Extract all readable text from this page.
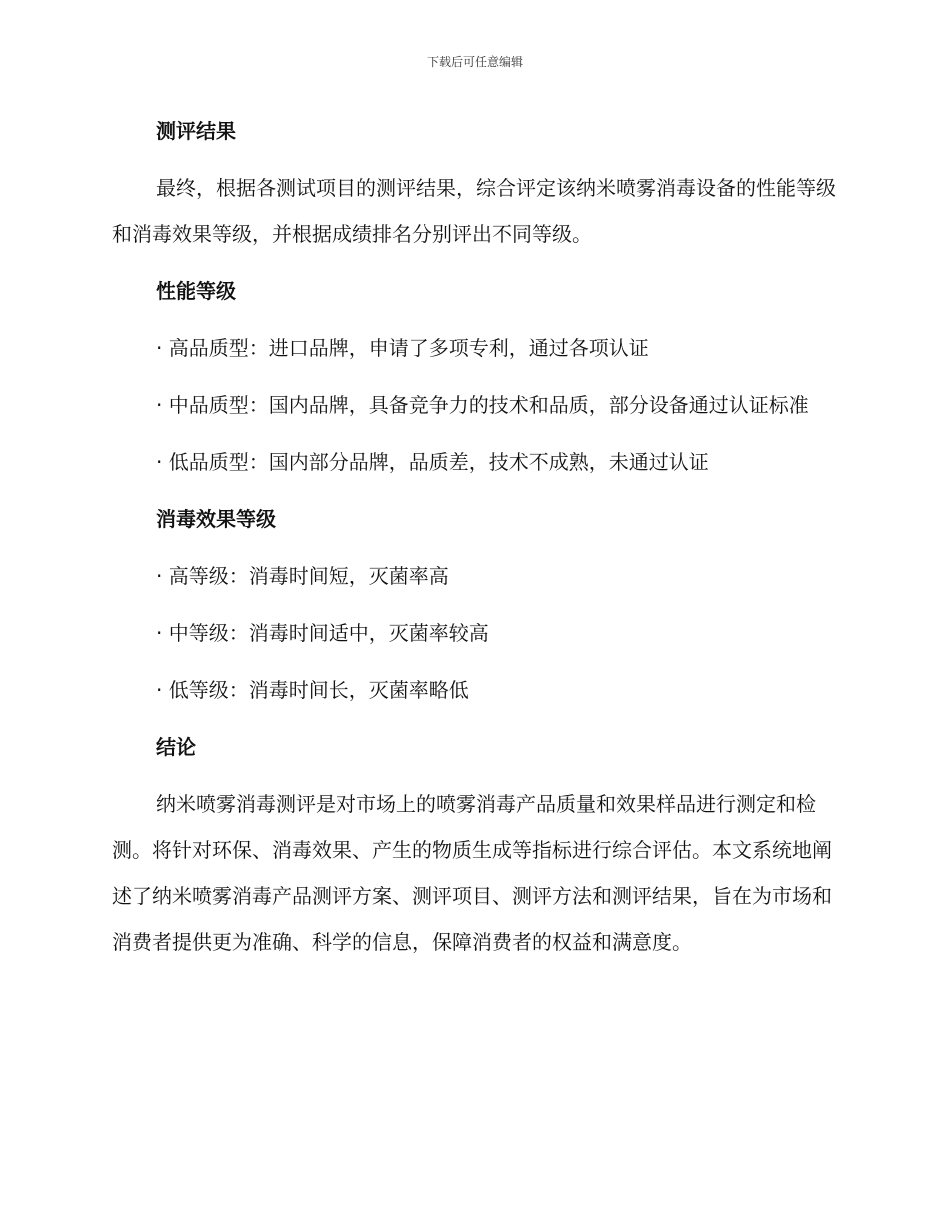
下载后可任意编辑
测评结果
最终，根据各测试项目的测评结果，综合评定该纳米喷雾消毒设备的性能等级和消毒效果等级，并根据成绩排名分别评出不同等级。
性能等级
· 高品质型：进口品牌，申请了多项专利，通过各项认证
· 中品质型：国内品牌，具备竞争力的技术和品质，部分设备通过认证标准
· 低品质型：国内部分品牌，品质差，技术不成熟，未通过认证
消毒效果等级
· 高等级：消毒时间短，灭菌率高
· 中等级：消毒时间适中，灭菌率较高
· 低等级：消毒时间长，灭菌率略低
结论
纳米喷雾消毒测评是对市场上的喷雾消毒产品质量和效果样品进行测定和检测。将针对环保、消毒效果、产生的物质生成等指标进行综合评估。本文系统地阐述了纳米喷雾消毒产品测评方案、测评项目、测评方法和测评结果，旨在为市场和消费者提供更为准确、科学的信息，保障消费者的权益和满意度。
